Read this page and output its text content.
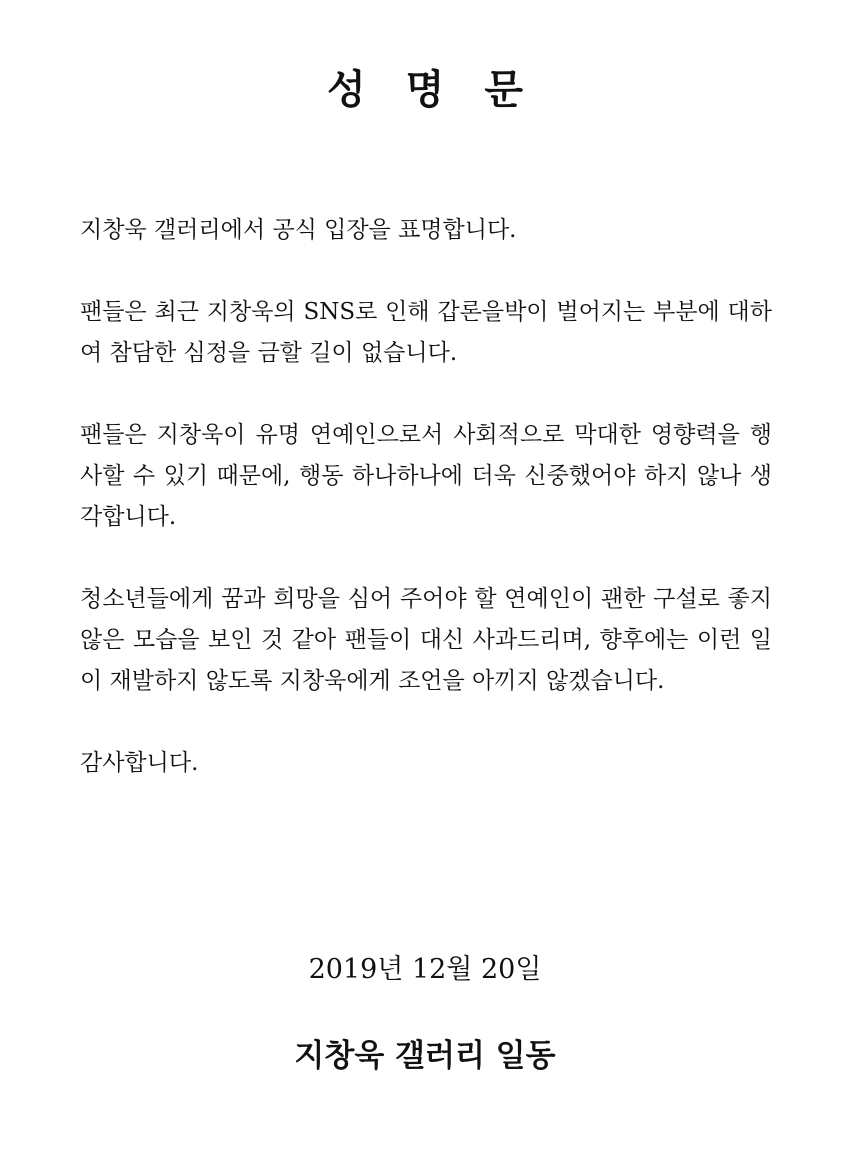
성 명 문

지창욱 갤러리에서 공식 입장을 표명합니다.

팬들은 최근 지창욱의 SNS로 인해 갑론을박이 벌어지는 부분에 대하여 참담한 심정을 금할 길이 없습니다.

팬들은 지창욱이 유명 연예인으로서 사회적으로 막대한 영향력을 행사할 수 있기 때문에, 행동 하나하나에 더욱 신중했어야 하지 않나 생각합니다.

청소년들에게 꿈과 희망을 심어 주어야 할 연예인이 괜한 구설로 좋지 않은 모습을 보인 것 같아 팬들이 대신 사과드리며, 향후에는 이런 일이 재발하지 않도록 지창욱에게 조언을 아끼지 않겠습니다.

감사합니다.

2019년 12월 20일
지창욱 갤러리 일동
